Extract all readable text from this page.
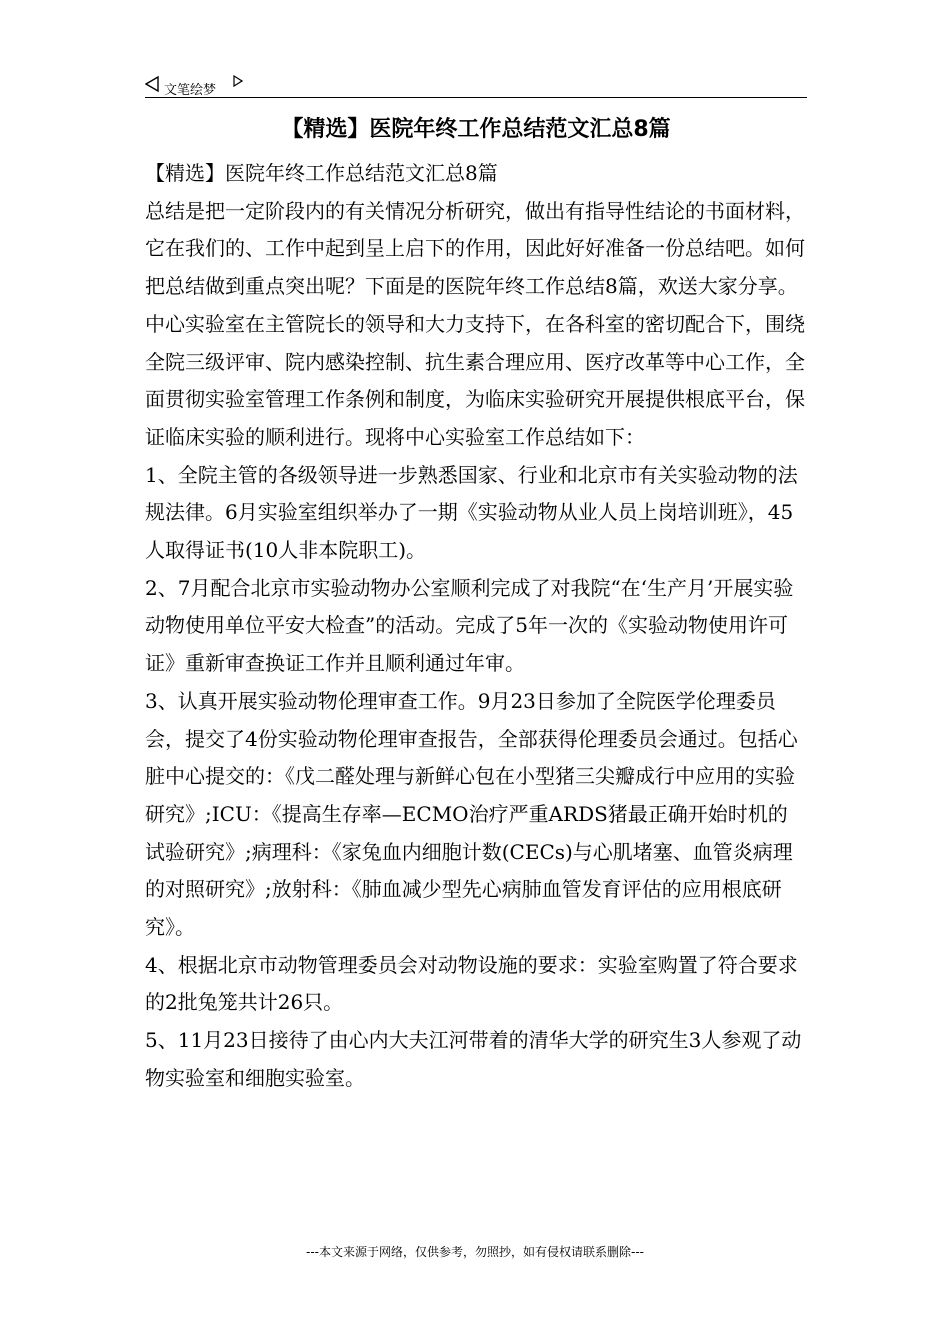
文笔绘梦
【精选】医院年终工作总结范文汇总8篇

【精选】医院年终工作总结范文汇总8篇

总结是把一定阶段内的有关情况分析研究，做出有指导性结论的书面材料，它在我们的、工作中起到呈上启下的作用，因此好好准备一份总结吧。如何把总结做到重点突出呢？下面是的医院年终工作总结8篇，欢送大家分享。

中心实验室在主管院长的领导和大力支持下，在各科室的密切配合下，围绕全院三级评审、院内感染控制、抗生素合理应用、医疗改革等中心工作，全面贯彻实验室管理工作条例和制度，为临床实验研究开展提供根底平台，保证临床实验的顺利进行。现将中心实验室工作总结如下：

1、全院主管的各级领导进一步熟悉国家、行业和北京市有关实验动物的法规法律。6月实验室组织举办了一期《实验动物从业人员上岗培训班》，45人取得证书(10人非本院职工)。

2、7月配合北京市实验动物办公室顺利完成了对我院“在‘生产月’开展实验动物使用单位平安大检查”的活动。完成了5年一次的《实验动物使用许可证》重新审查换证工作并且顺利通过年审。

3、认真开展实验动物伦理审查工作。9月23日参加了全院医学伦理委员会，提交了4份实验动物伦理审查报告，全部获得伦理委员会通过。包括心脏中心提交的：《戊二醛处理与新鲜心包在小型猪三尖瓣成行中应用的实验研究》;ICU：《提高生存率—ECMO治疗严重ARDS猪最正确开始时机的试验研究》;病理科：《家兔血内细胞计数(CECs)与心肌堵塞、血管炎病理的对照研究》;放射科：《肺血减少型先心病肺血管发育评估的应用根底研究》。

4、根据北京市动物管理委员会对动物设施的要求：实验室购置了符合要求的2批兔笼共计26只。

5、11月23日接待了由心内大夫江河带着的清华大学的研究生3人参观了动物实验室和细胞实验室。

---本文来源于网络，仅供参考，勿照抄，如有侵权请联系删除---
